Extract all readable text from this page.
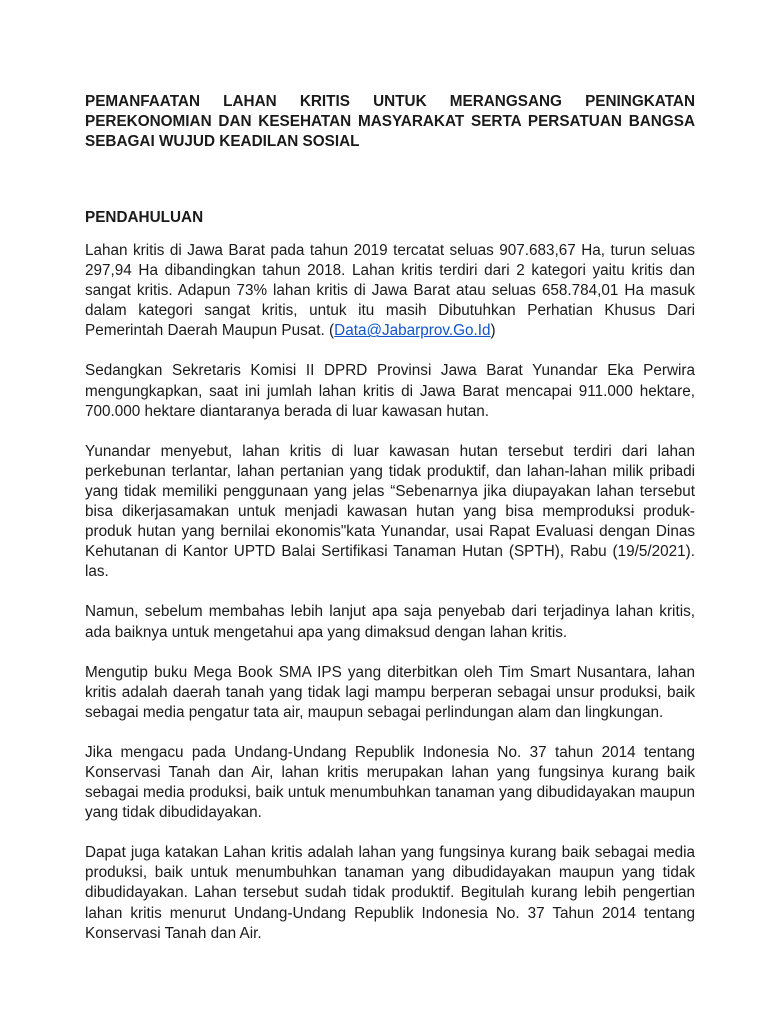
PEMANFAATAN LAHAN KRITIS UNTUK MERANGSANG PENINGKATAN PEREKONOMIAN DAN KESEHATAN MASYARAKAT SERTA PERSATUAN BANGSA SEBAGAI WUJUD KEADILAN SOSIAL
PENDAHULUAN

Lahan kritis di Jawa Barat pada tahun 2019 tercatat seluas 907.683,67 Ha, turun seluas 297,94 Ha dibandingkan tahun 2018. Lahan kritis terdiri dari 2 kategori yaitu kritis dan sangat kritis. Adapun 73% lahan kritis di Jawa Barat atau seluas 658.784,01 Ha masuk dalam kategori sangat kritis, untuk itu masih Dibutuhkan Perhatian Khusus Dari Pemerintah Daerah Maupun Pusat. (Data@Jabarprov.Go.Id)

Sedangkan Sekretaris Komisi II DPRD Provinsi Jawa Barat Yunandar Eka Perwira mengungkapkan, saat ini jumlah lahan kritis di Jawa Barat mencapai 911.000 hektare, 700.000 hektare diantaranya berada di luar kawasan hutan.

Yunandar menyebut, lahan kritis di luar kawasan hutan tersebut terdiri dari lahan perkebunan terlantar, lahan pertanian yang tidak produktif, dan lahan-lahan milik pribadi yang tidak memiliki penggunaan yang jelas “Sebenarnya jika diupayakan lahan tersebut bisa dikerjasamakan untuk menjadi kawasan hutan yang bisa memproduksi produk-produk hutan yang bernilai ekonomis"kata Yunandar, usai Rapat Evaluasi dengan Dinas Kehutanan di Kantor UPTD Balai Sertifikasi Tanaman Hutan (SPTH), Rabu (19/5/2021). las.

Namun, sebelum membahas lebih lanjut apa saja penyebab dari terjadinya lahan kritis, ada baiknya untuk mengetahui apa yang dimaksud dengan lahan kritis.

Mengutip buku Mega Book SMA IPS yang diterbitkan oleh Tim Smart Nusantara, lahan kritis adalah daerah tanah yang tidak lagi mampu berperan sebagai unsur produksi, baik sebagai media pengatur tata air, maupun sebagai perlindungan alam dan lingkungan.

Jika mengacu pada Undang-Undang Republik Indonesia No. 37 tahun 2014 tentang Konservasi Tanah dan Air, lahan kritis merupakan lahan yang fungsinya kurang baik sebagai media produksi, baik untuk menumbuhkan tanaman yang dibudidayakan maupun yang tidak dibudidayakan.

Dapat juga katakan Lahan kritis adalah lahan yang fungsinya kurang baik sebagai media produksi, baik untuk menumbuhkan tanaman yang dibudidayakan maupun yang tidak dibudidayakan. Lahan tersebut sudah tidak produktif. Begitulah kurang lebih pengertian lahan kritis menurut Undang-Undang Republik Indonesia No. 37 Tahun 2014 tentang Konservasi Tanah dan Air.
